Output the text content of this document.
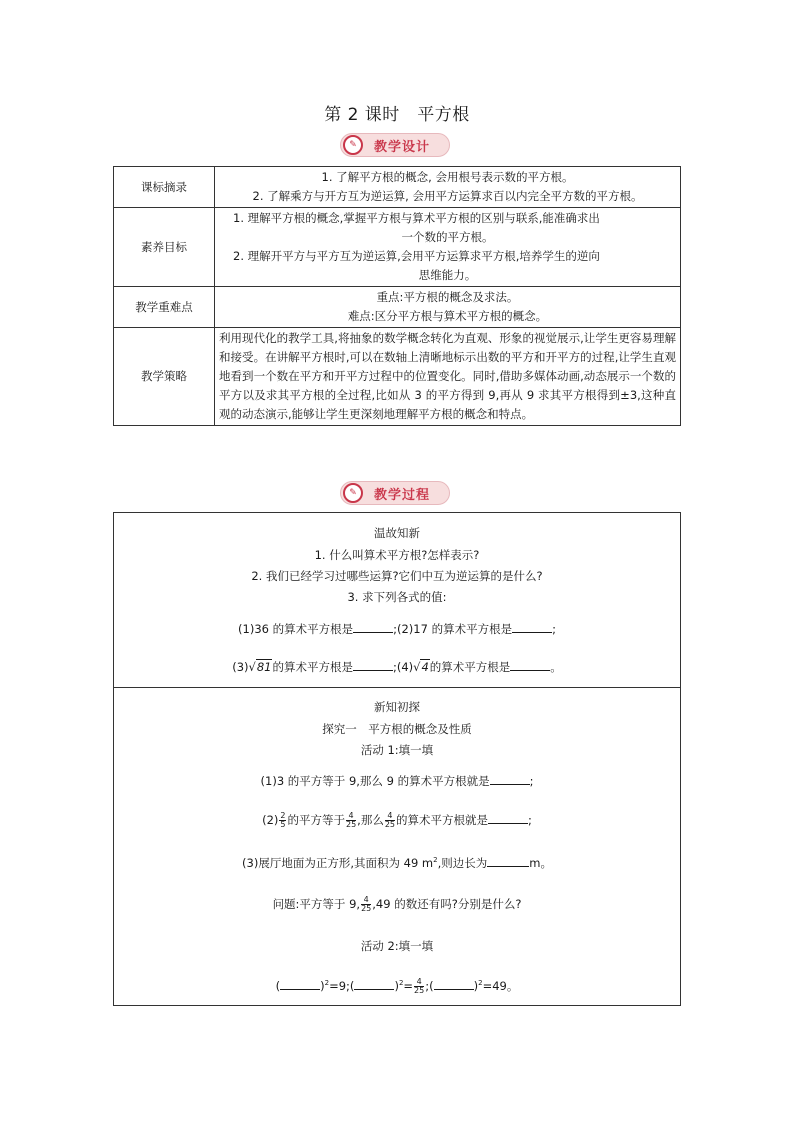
第 2 课时　平方根
✎	教学设计
课标摘录	1. 了解平方根的概念, 会用根号表示数的平方根。
2. 了解乘方与开方互为逆运算, 会用平方运算求百以内完全平方数的平方根。

素养目标	1. 理解平方根的概念,掌握平方根与算术平方根的区别与联系,能准确求出
一个数的平方根。
2. 理解开平方与平方互为逆运算,会用平方运算求平方根,培养学生的逆向
思维能力。

教学重难点	重点:平方根的概念及求法。
难点:区分平方根与算术平方根的概念。

教学策略	利用现代化的教学工具,将抽象的数学概念转化为直观、形象的视觉展示,让学生更容易理解和接受。在讲解平方根时,可以在数轴上清晰地标示出数的平方和开平方的过程,让学生直观地看到一个数在平方和开平方过程中的位置变化。同时,借助多媒体动画,动态展示一个数的平方以及求其平方根的全过程,比如从 3 的平方得到 9,再从 9 求其平方根得到±3,这种直观的动态演示,能够让学生更深刻地理解平方根的概念和特点。
✎	教学过程
温故知新
1. 什么叫算术平方根?怎样表示?
2. 我们已经学习过哪些运算?它们中互为逆运算的是什么?
3. 求下列各式的值:
(1)36 的算术平方根是	;(2)17 的算术平方根是	;
(3)√81的算术平方根是	;(4)√4的算术平方根是	。
新知初探
探究一　平方根的概念及性质
活动 1:填一填
(1)3 的平方等于 9,那么 9 的算术平方根就是	;
$(2) \frac{2}{5}$ 的平方等于 $\frac{4}{25}$ ,那么 $\frac{4}{25}$ 的算术平方根就是	;
(3)展厅地面为正方形,其面积为 49 $m^2$,则边长为	m。
问题:平方等于 9, $\frac{4}{25} ,49$ 的数还有吗?分别是什么?
活动 2:填一填
(	)$^2$=9;(	)$^2= \frac{4}{25}$ ;(	)$^2$=49。
